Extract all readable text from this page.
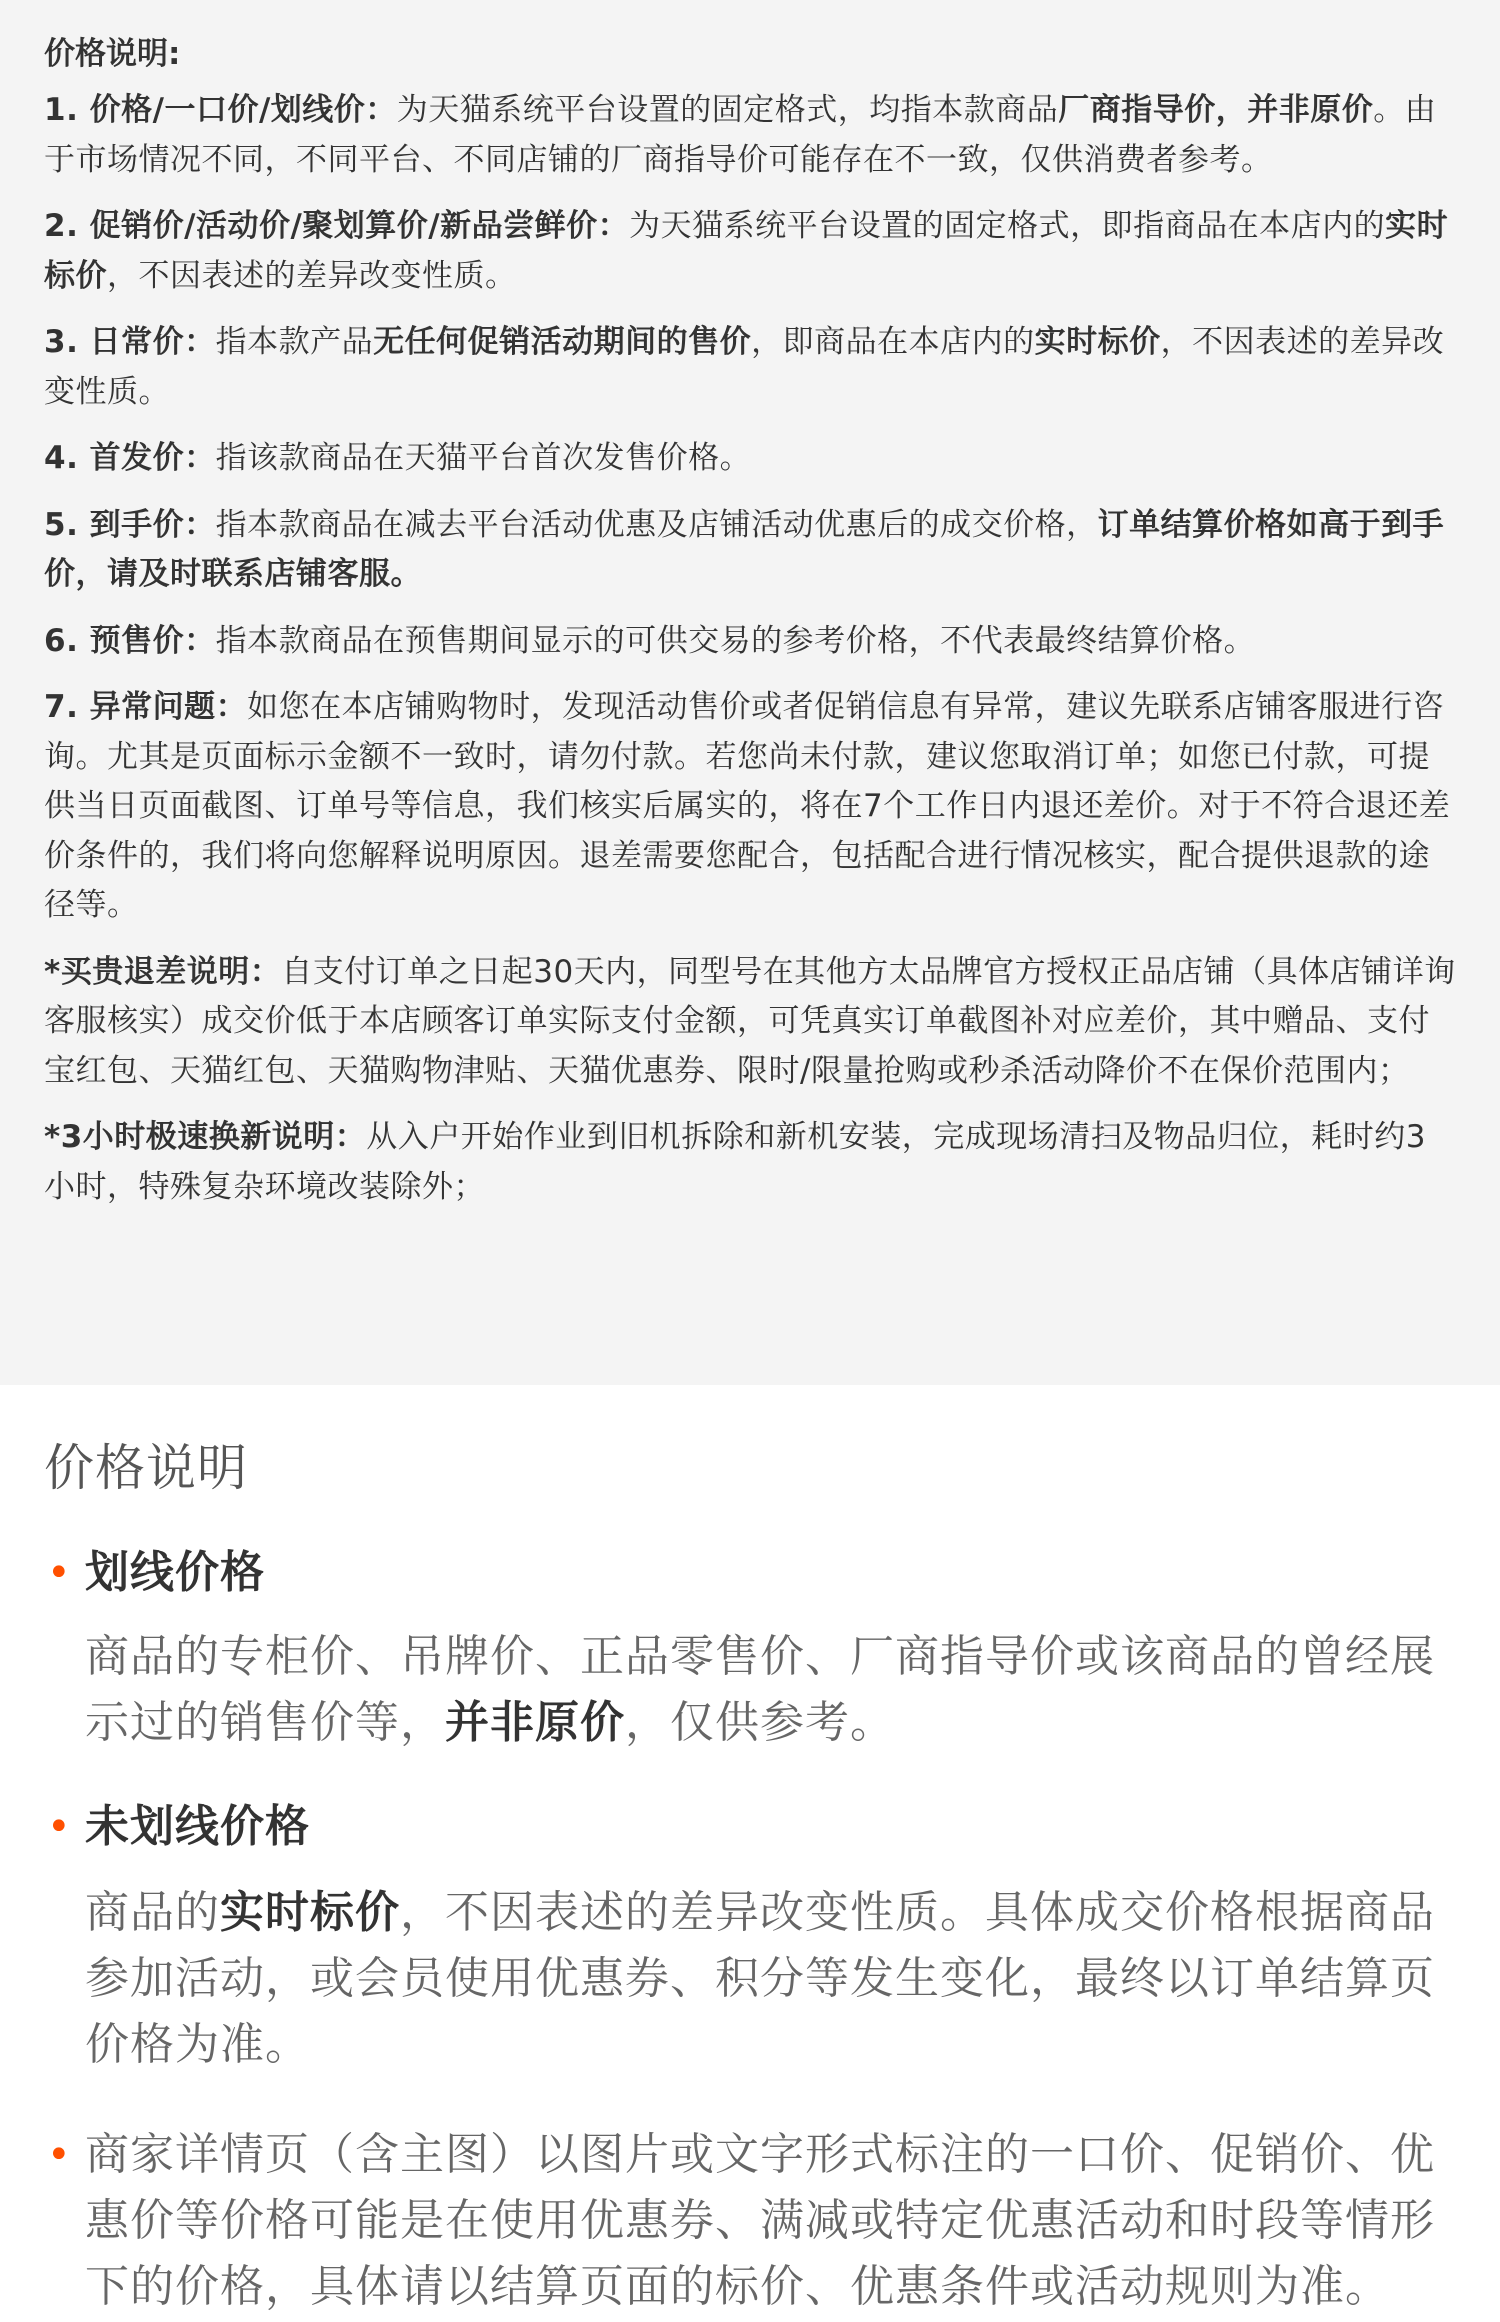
价格说明:

1. 价格/一口价/划线价：为天猫系统平台设置的固定格式，均指本款商品厂商指导价，并非原价。由于市场情况不同，不同平台、不同店铺的厂商指导价可能存在不一致，仅供消费者参考。

2. 促销价/活动价/聚划算价/新品尝鲜价：为天猫系统平台设置的固定格式，即指商品在本店内的实时标价，不因表述的差异改变性质。

3. 日常价：指本款产品无任何促销活动期间的售价，即商品在本店内的实时标价，不因表述的差异改变性质。

4. 首发价：指该款商品在天猫平台首次发售价格。

5. 到手价：指本款商品在减去平台活动优惠及店铺活动优惠后的成交价格，订单结算价格如高于到手价，请及时联系店铺客服。

6. 预售价：指本款商品在预售期间显示的可供交易的参考价格，不代表最终结算价格。

7. 异常问题：如您在本店铺购物时，发现活动售价或者促销信息有异常，建议先联系店铺客服进行咨询。尤其是页面标示金额不一致时，请勿付款。若您尚未付款，建议您取消订单；如您已付款，可提供当日页面截图、订单号等信息，我们核实后属实的，将在7个工作日内退还差价。对于不符合退还差价条件的，我们将向您解释说明原因。退差需要您配合，包括配合进行情况核实，配合提供退款的途径等。

*买贵退差说明：自支付订单之日起30天内，同型号在其他方太品牌官方授权正品店铺（具体店铺详询客服核实）成交价低于本店顾客订单实际支付金额，可凭真实订单截图补对应差价，其中赠品、支付宝红包、天猫红包、天猫购物津贴、天猫优惠券、限时/限量抢购或秒杀活动降价不在保价范围内；

*3小时极速换新说明：从入户开始作业到旧机拆除和新机安装，完成现场清扫及物品归位，耗时约3小时，特殊复杂环境改装除外；

价格说明
• 划线价格
商品的专柜价、吊牌价、正品零售价、厂商指导价或该商品的曾经展示过的销售价等，并非原价，仅供参考。
• 未划线价格
商品的实时标价，不因表述的差异改变性质。具体成交价格根据商品参加活动，或会员使用优惠券、积分等发生变化，最终以订单结算页价格为准。
• 商家详情页（含主图）以图片或文字形式标注的一口价、促销价、优惠价等价格可能是在使用优惠券、满减或特定优惠活动和时段等情形下的价格，具体请以结算页面的标价、优惠条件或活动规则为准。
